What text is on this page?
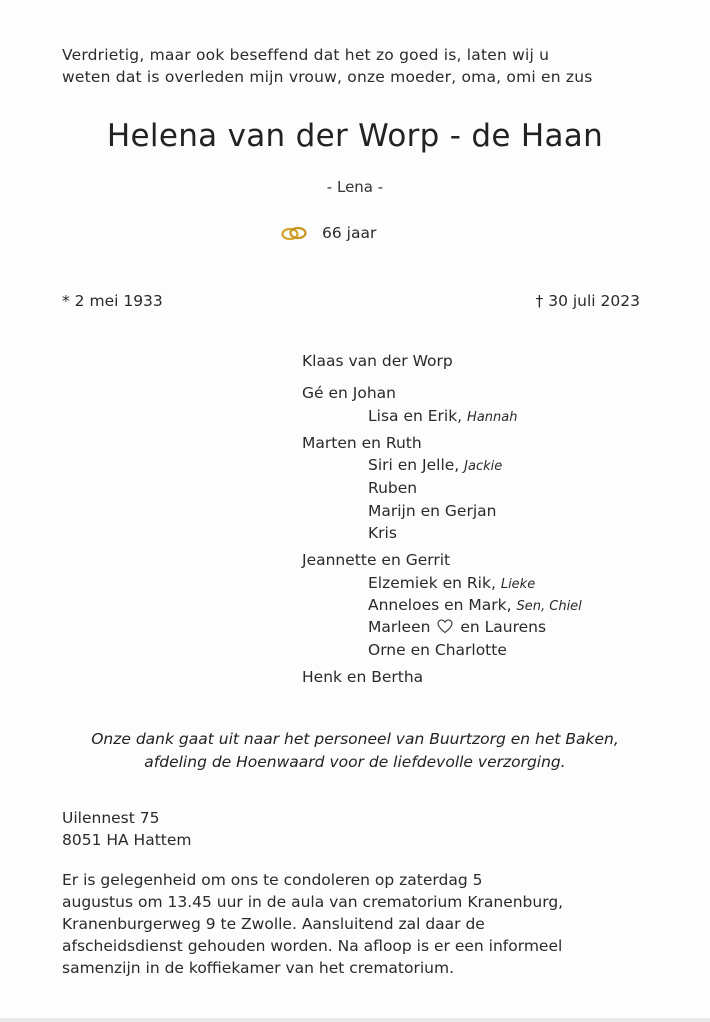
Verdrietig, maar ook beseffend dat het zo goed is, laten wij u
weten dat is overleden mijn vrouw, onze moeder, oma, omi en zus
Helena van der Worp - de Haan
- Lena -
66 jaar
* 2 mei 1933	† 30 juli 2023
Klaas van der Worp
Gé en Johan
Lisa en Erik, Hannah
Marten en Ruth
Siri en Jelle, Jackie
Ruben
Marijn en Gerjan
Kris
Jeannette en Gerrit
Elzemiek en Rik, Lieke
Anneloes en Mark, Sen, Chiel
Marleen en Laurens
Orne en Charlotte
Henk en Bertha
Onze dank gaat uit naar het personeel van Buurtzorg en het Baken,
afdeling de Hoenwaard voor de liefdevolle verzorging.
Uilennest 75
8051 HA Hattem
Er is gelegenheid om ons te condoleren op zaterdag 5
augustus om 13.45 uur in de aula van crematorium Kranenburg,
Kranenburgerweg 9 te Zwolle. Aansluitend zal daar de
afscheidsdienst gehouden worden. Na afloop is er een informeel
samenzijn in de koffiekamer van het crematorium.
